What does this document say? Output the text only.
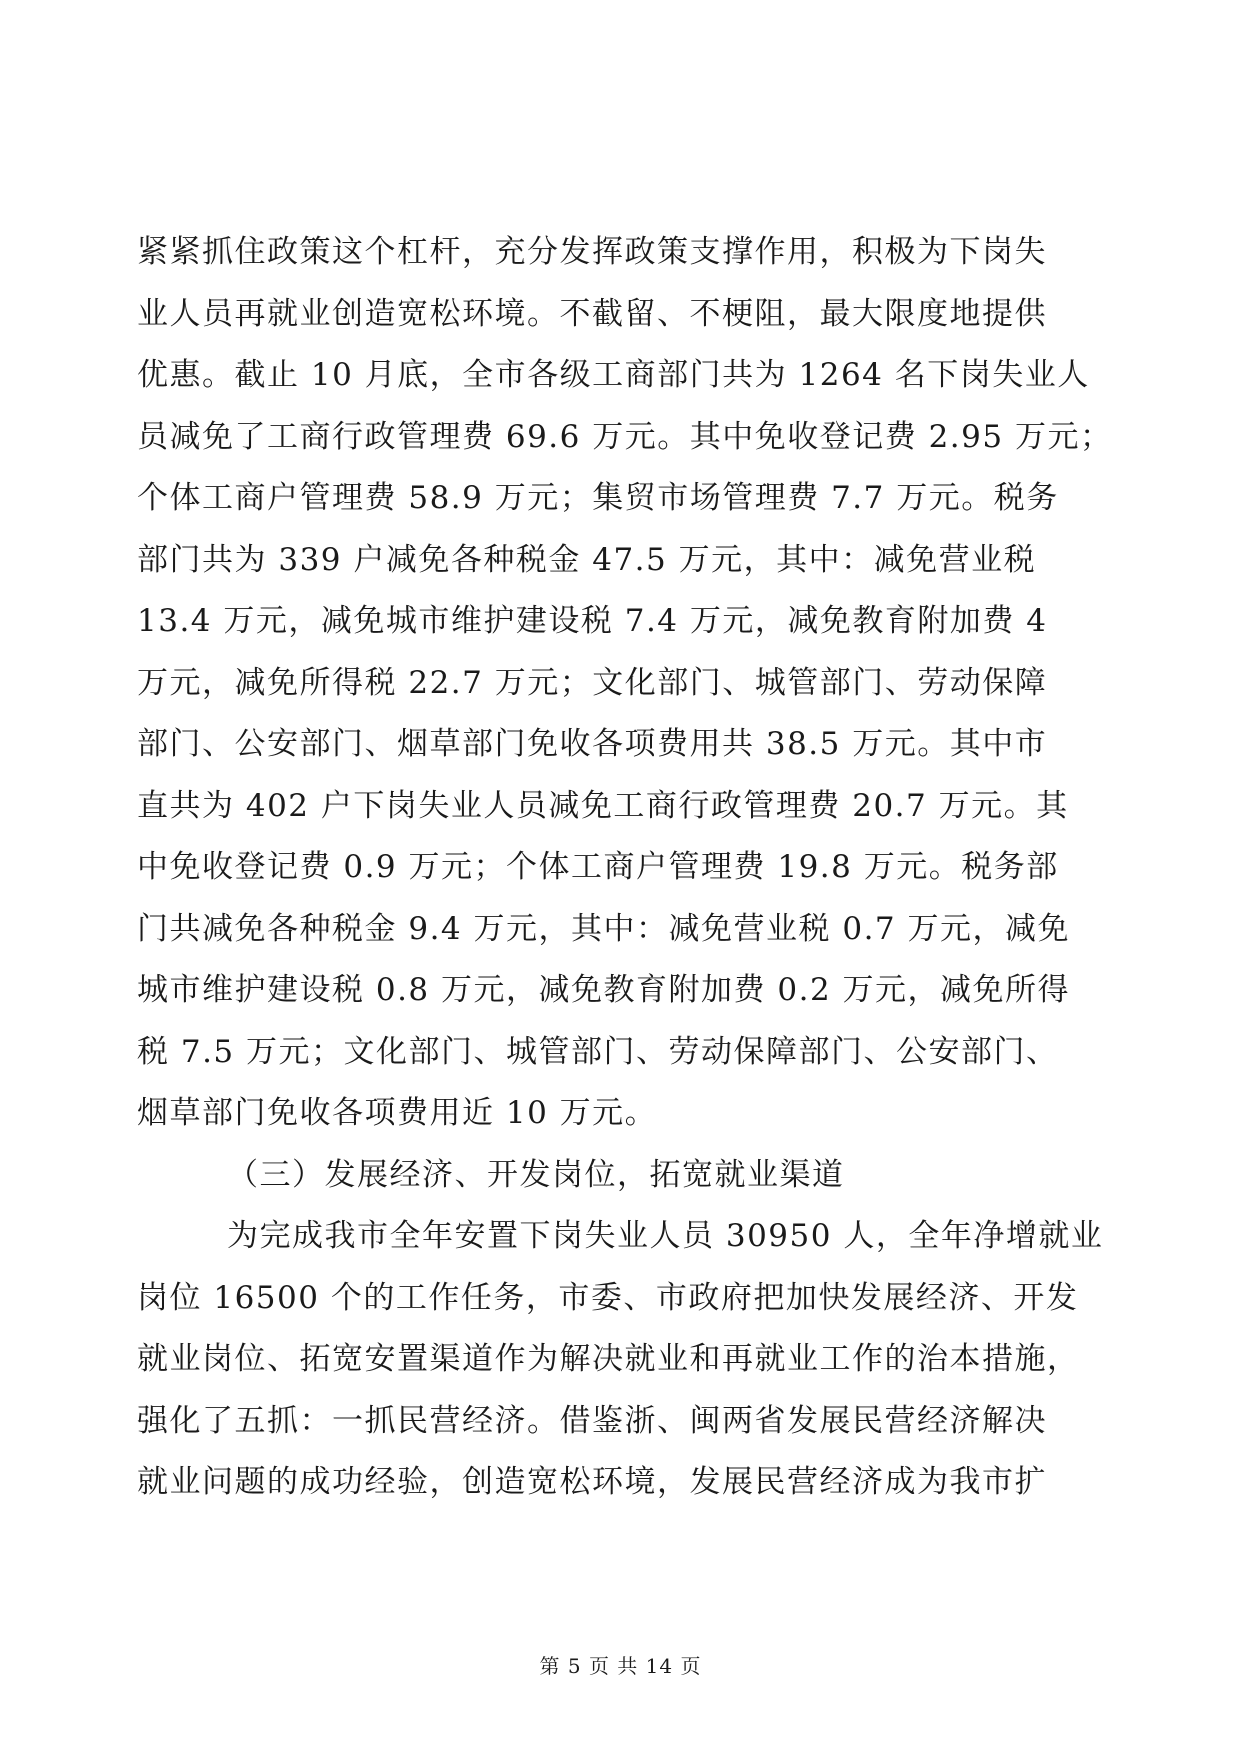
紧紧抓住政策这个杠杆，充分发挥政策支撑作用，积极为下岗失
业人员再就业创造宽松环境。不截留、不梗阻，最大限度地提供
优惠。截止 10 月底，全市各级工商部门共为 1264 名下岗失业人
员减免了工商行政管理费 69.6 万元。其中免收登记费 2.95 万元；
个体工商户管理费 58.9 万元；集贸市场管理费 7.7 万元。税务
部门共为 339 户减免各种税金 47.5 万元，其中：减免营业税
13.4 万元，减免城市维护建设税 7.4 万元，减免教育附加费 4
万元，减免所得税 22.7 万元；文化部门、城管部门、劳动保障
部门、公安部门、烟草部门免收各项费用共 38.5 万元。其中市
直共为 402 户下岗失业人员减免工商行政管理费 20.7 万元。其
中免收登记费 0.9 万元；个体工商户管理费 19.8 万元。税务部
门共减免各种税金 9.4 万元，其中：减免营业税 0.7 万元，减免
城市维护建设税 0.8 万元，减免教育附加费 0.2 万元，减免所得
税 7.5 万元；文化部门、城管部门、劳动保障部门、公安部门、
烟草部门免收各项费用近 10 万元。
（三）发展经济、开发岗位，拓宽就业渠道
为完成我市全年安置下岗失业人员 30950 人，全年净增就业
岗位 16500 个的工作任务，市委、市政府把加快发展经济、开发
就业岗位、拓宽安置渠道作为解决就业和再就业工作的治本措施，
强化了五抓：一抓民营经济。借鉴浙、闽两省发展民营经济解决
就业问题的成功经验，创造宽松环境，发展民营经济成为我市扩
第 5 页 共 14 页
